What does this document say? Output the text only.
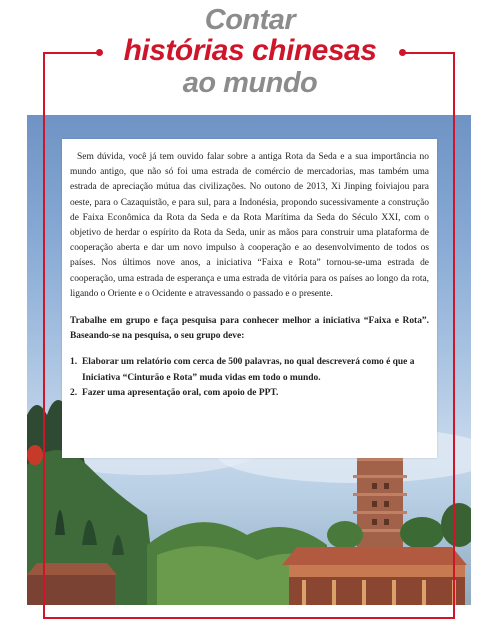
Contar
histórias chinesas
ao mundo

Sem dúvida, você já tem ouvido falar sobre a antiga Rota da Seda e a sua importância no mundo antigo, que não só foi uma estrada de comércio de mercadorias, mas também uma estrada de apreciação mútua das civilizações. No outono de 2013, Xi Jinping foiviajou para oeste, para o Cazaquistão, e para sul, para a Indonésia, propondo sucessivamente a construção de Faixa Econômica da Rota da Seda e da Rota Marítima da Seda do Século XXI, com o objetivo de herdar o espírito da Rota da Seda, unir as mãos para construir uma plataforma de cooperação aberta e dar um novo impulso à cooperação e ao desenvolvimento de todos os países. Nos últimos nove anos, a iniciativa “Faixa e Rota” tornou-se-uma estrada de cooperação, uma estrada de esperança e uma estrada de vitória para os países ao longo da rota, ligando o Oriente e o Ocidente e atravessando o passado e o presente.

Trabalhe em grupo e faça pesquisa para conhecer melhor a iniciativa “Faixa e Rota”. Baseando-se na pesquisa, o seu grupo deve:

1. Elaborar um relatório com cerca de 500 palavras, no qual descreverá como é que a Iniciativa “Cinturão e Rota” muda vidas em todo o mundo.
2. Fazer uma apresentação oral, com apoio de PPT.
